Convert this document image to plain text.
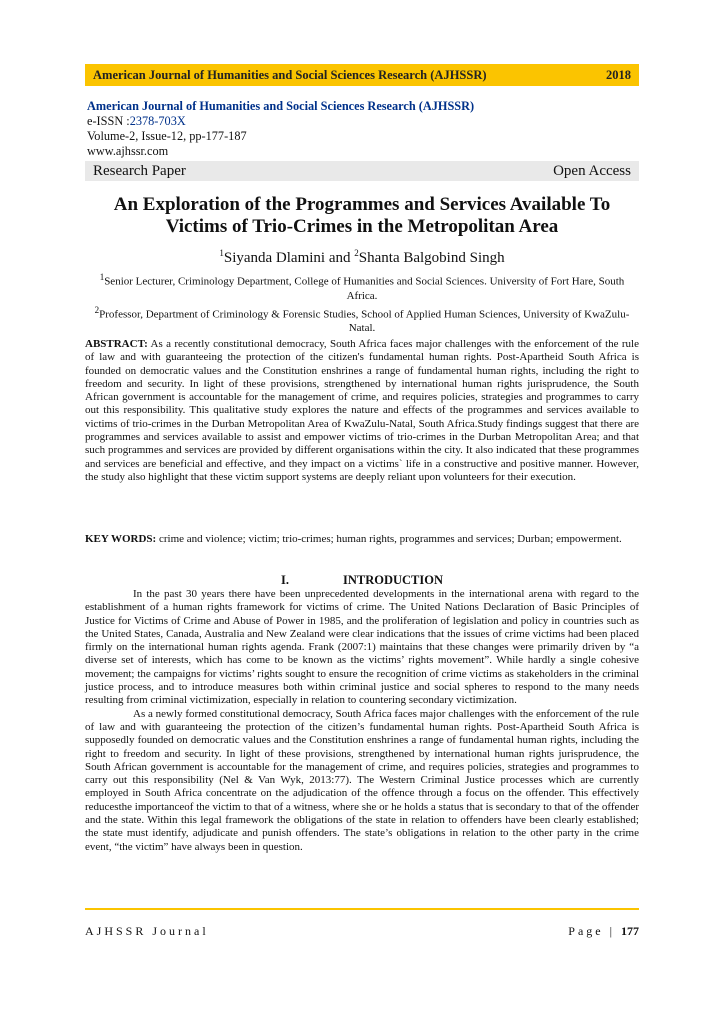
American Journal of Humanities and Social Sciences Research (AJHSSR)	2018
American Journal of Humanities and Social Sciences Research (AJHSSR)
e-ISSN :2378-703X
Volume-2, Issue-12, pp-177-187
www.ajhssr.com
Research Paper	Open Access
An Exploration of the Programmes and Services Available To Victims of Trio-Crimes in the Metropolitan Area
$^1$Siyanda Dlamini and $^2$Shanta Balgobind Singh

$^1$Senior Lecturer, Criminology Department, College of Humanities and Social Sciences. University of Fort Hare, South Africa.

$^2$Professor, Department of Criminology & Forensic Studies, School of Applied Human Sciences, University of KwaZulu-Natal.

ABSTRACT: As a recently constitutional democracy, South Africa faces major challenges with the enforcement of the rule of law and with guaranteeing the protection of the citizen's fundamental human rights. Post-Apartheid South Africa is founded on democratic values and the Constitution enshrines a range of fundamental human rights, including the right to freedom and security. In light of these provisions, strengthened by international human rights jurisprudence, the South African government is accountable for the management of crime, and requires policies, strategies and programmes to carry out this responsibility. This qualitative study explores the nature and effects of the programmes and services available to victims of trio-crimes in the Durban Metropolitan Area of KwaZulu-Natal, South Africa.Study findings suggest that there are programmes and services available to assist and empower victims of trio-crimes in the Durban Metropolitan Area; and that such programmes and services are provided by different organisations within the city. It also indicated that these programmes and services are beneficial and effective, and they impact on a victims` life in a constructive and positive manner. However, the study also highlight that these victim support systems are deeply reliant upon volunteers for their execution.
KEY WORDS: crime and violence; victim; trio-crimes; human rights, programmes and services; Durban; empowerment.
I.	INTRODUCTION

In the past 30 years there have been unprecedented developments in the international arena with regard to the establishment of a human rights framework for victims of crime. The United Nations Declaration of Basic Principles of Justice for Victims of Crime and Abuse of Power in 1985, and the proliferation of legislation and policy in countries such as the United States, Canada, Australia and New Zealand were clear indications that the issues of crime victims had been placed firmly on the international human rights agenda. Frank (2007:1) maintains that these changes were primarily driven by “a diverse set of interests, which has come to be known as the victims’ rights movement”. While hardly a single cohesive movement; the campaigns for victims’ rights sought to ensure the recognition of crime victims as stakeholders in the criminal justice process, and to introduce measures both within criminal justice and social spheres to respond to the many needs resulting from criminal victimization, especially in relation to countering secondary victimization.

As a newly formed constitutional democracy, South Africa faces major challenges with the enforcement of the rule of law and with guaranteeing the protection of the citizen’s fundamental human rights. Post-Apartheid South Africa is supposedly founded on democratic values and the Constitution enshrines a range of fundamental human rights, including the right to freedom and security. In light of these provisions, strengthened by international human rights jurisprudence, the South African government is accountable for the management of crime, and requires policies, strategies and programmes to carry out this responsibility (Nel & Van Wyk, 2013:77). The Western Criminal Justice processes which are currently employed in South Africa concentrate on the adjudication of the offence through a focus on the offender. This effectively reducesthe importanceof the victim to that of a witness, where she or he holds a status that is secondary to that of the offender and the state. Within this legal framework the obligations of the state in relation to offenders have been clearly established; the state must identify, adjudicate and punish offenders. The state’s obligations in relation to the other party in the crime event, “the victim” have always been in question.

AJHSSR Journal	Page | 177
